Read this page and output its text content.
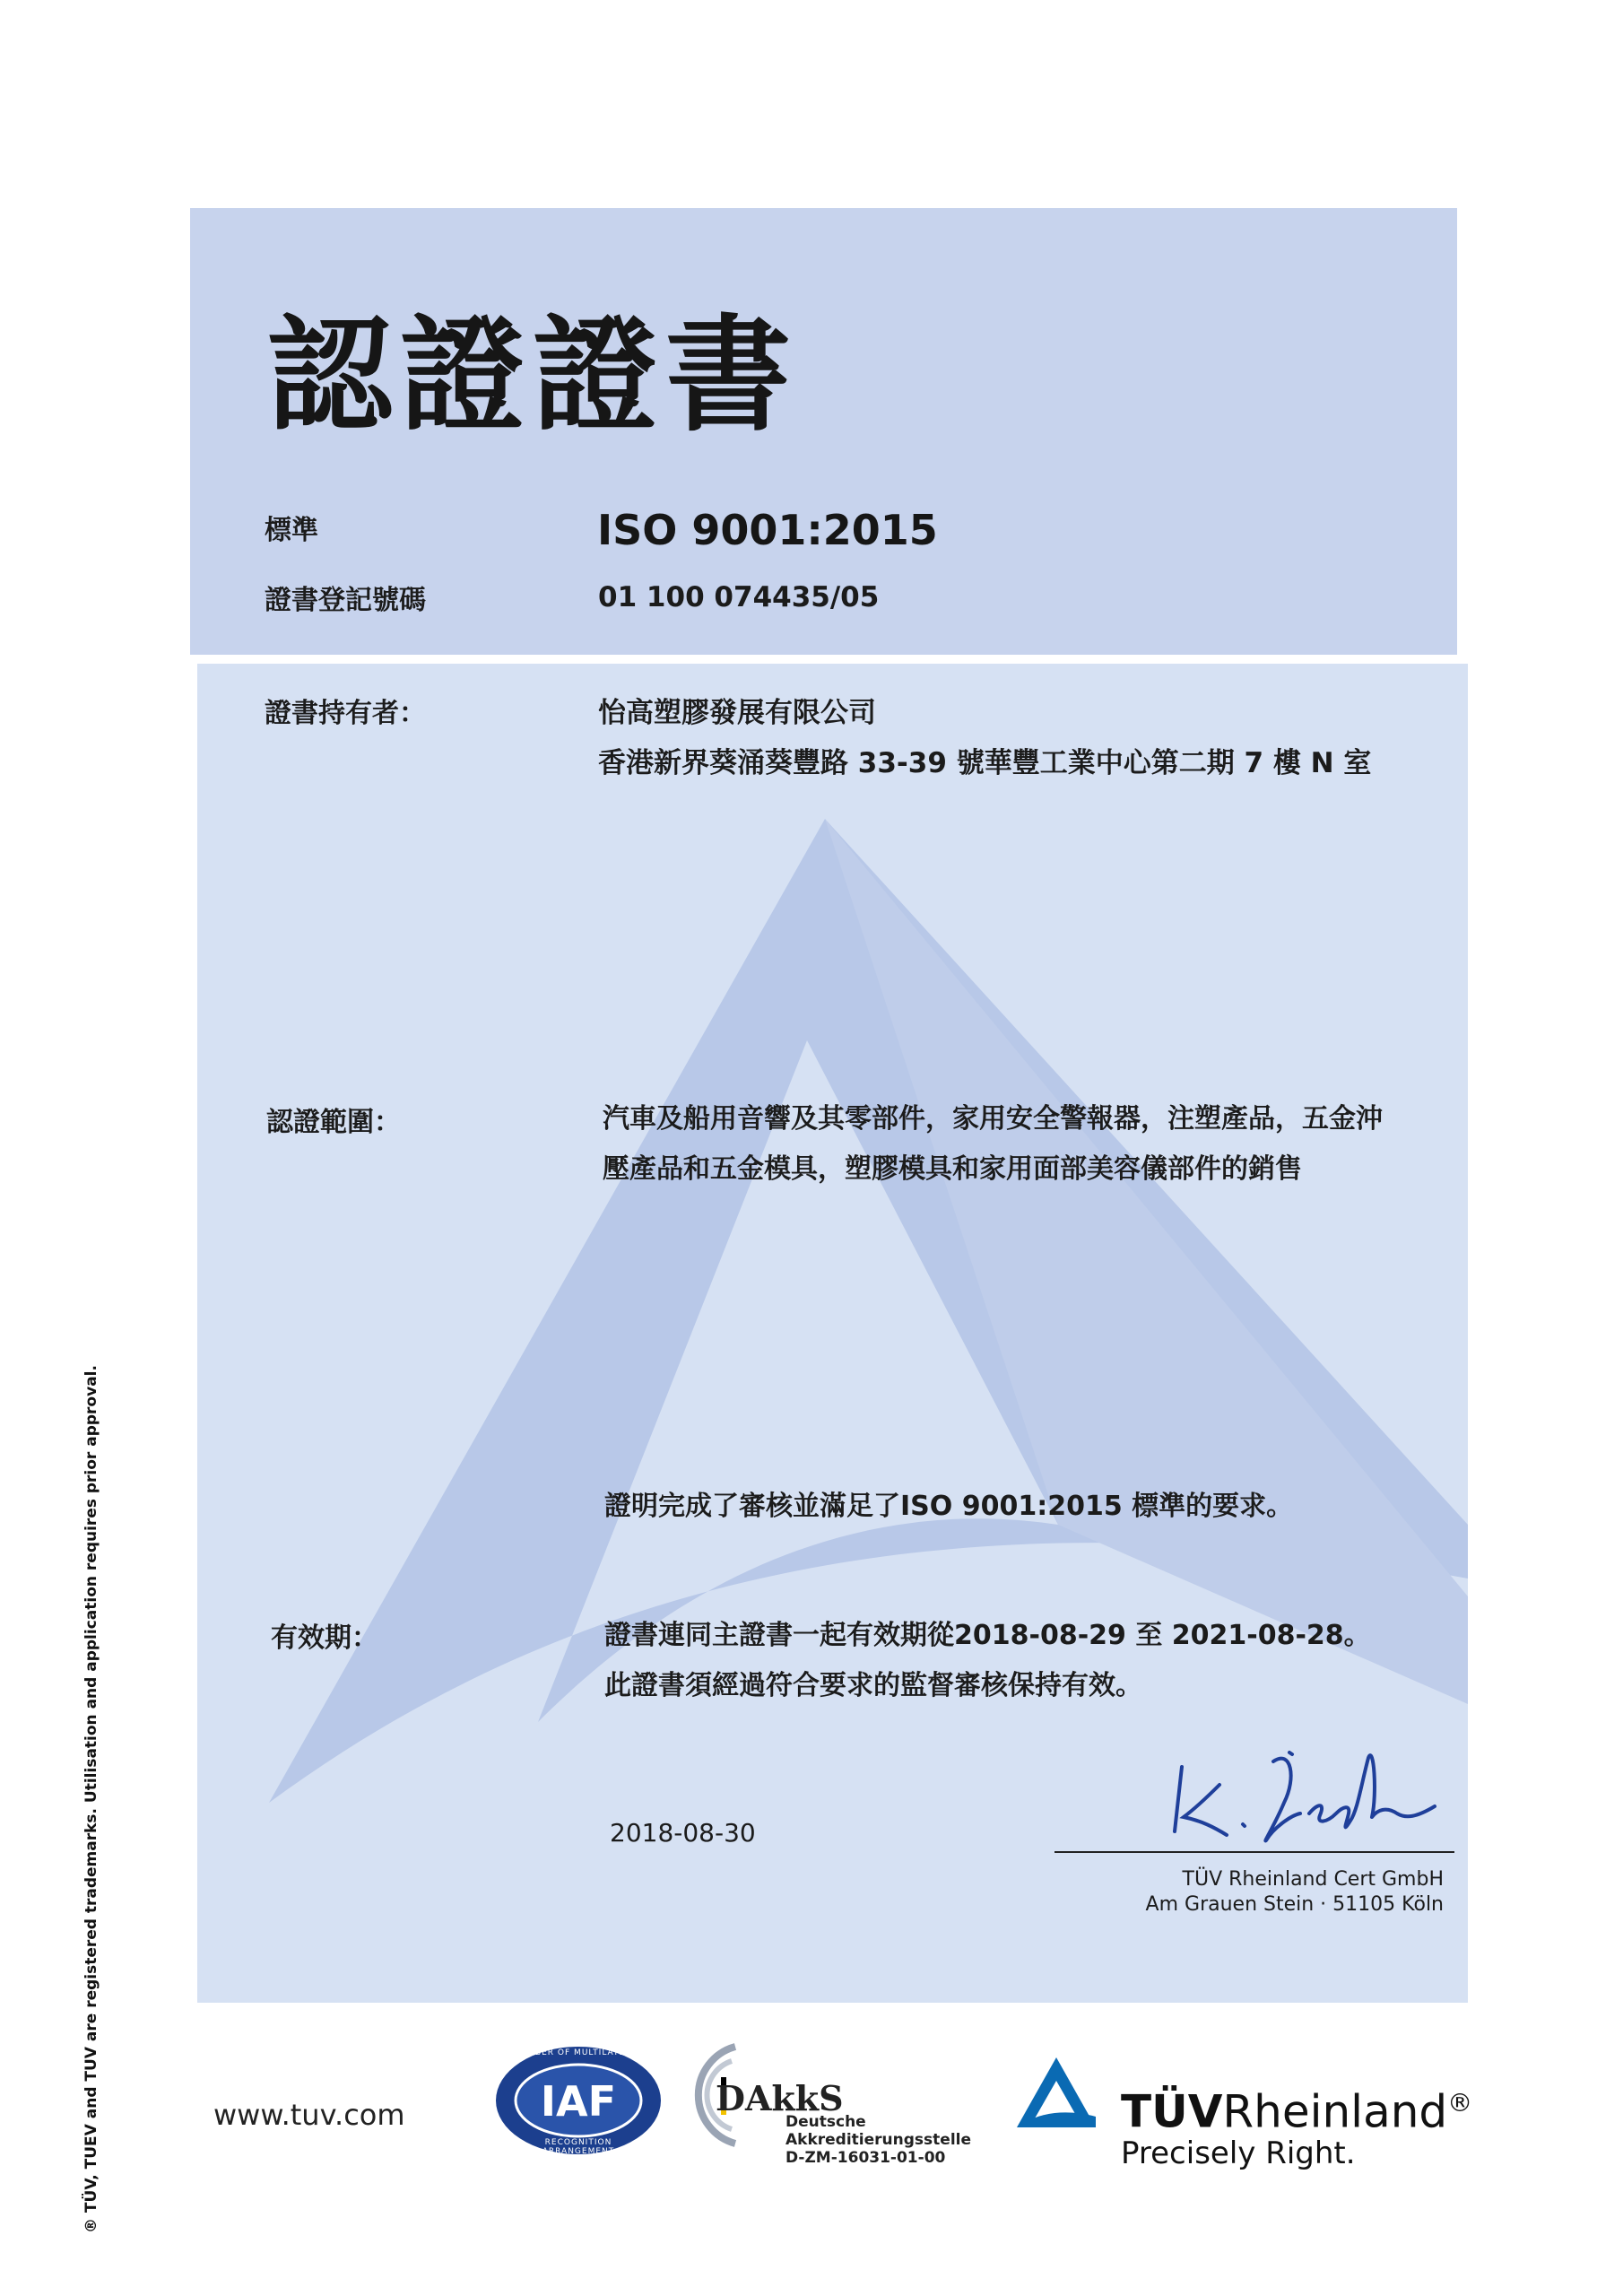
認證證書
標準	ISO 9001:2015
證書登記號碼	01 100 074435/05
證書持有者：	怡高塑膠發展有限公司
香港新界葵涌葵豐路 33-39 號華豐工業中心第二期 7 樓 N 室
認證範圍：	汽車及船用音響及其零部件，家用安全警報器，注塑產品，五金沖
壓產品和五金模具，塑膠模具和家用面部美容儀部件的銷售
證明完成了審核並滿足了ISO 9001:2015 標準的要求。
有效期：	證書連同主證書一起有效期從2018-08-29 至 2021-08-28。
此證書須經過符合要求的監督審核保持有效。
2018-08-30
TÜV Rheinland Cert GmbH
Am Grauen Stein · 51105 Köln
® TÜV, TUEV and TUV are registered trademarks. Utilisation and application requires prior approval.	www.tuv.com	IAF
MEMBER OF MULTILATERAL
RECOGNITION ARRANGEMENT
DAkkS
Deutsche
Akkreditierungsstelle
D-ZM-16031-01-00
TÜVRheinland®
Precisely Right.
